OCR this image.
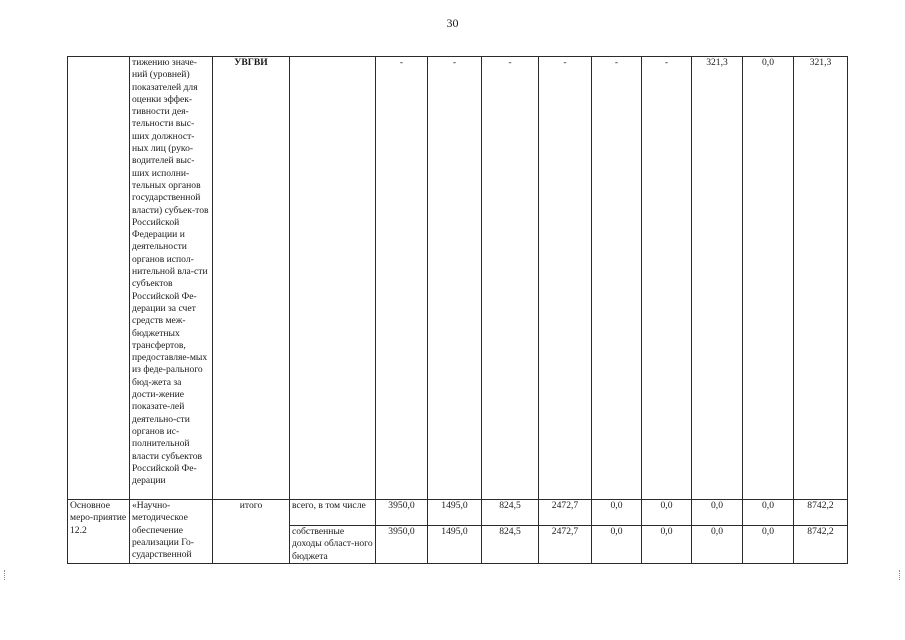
30
	тижению значе-ний (уровней) показателей для оценки эффек-тивности дея-тельности выс-ших должност-ных лиц (руко-водителей выс-ших исполни-тельных органов государственной власти) субъек-тов Российской Федерации и деятельности органов испол-нительной вла-сти субъектов Российской Фе-дерации за счет средств меж-бюджетных трансфертов, предоставляе-мых из феде-рального бюд-жета за дости-жение показате-лей деятельно-сти органов ис-полнительной власти субъектов Российской Фе-дерации	УВГВИ		-	-	-	-	-	-	321,3	0,0	321,3
Основное меро-приятие 12.2	«Научно-методическое обеспечение реализации Го-сударственной	итого	всего, в том числе	3950,0	1495,0	824,5	2472,7	0,0	0,0	0,0	0,0	8742,2
			собственные доходы област-ного бюджета	3950,0	1495,0	824,5	2472,7	0,0	0,0	0,0	0,0	8742,2
